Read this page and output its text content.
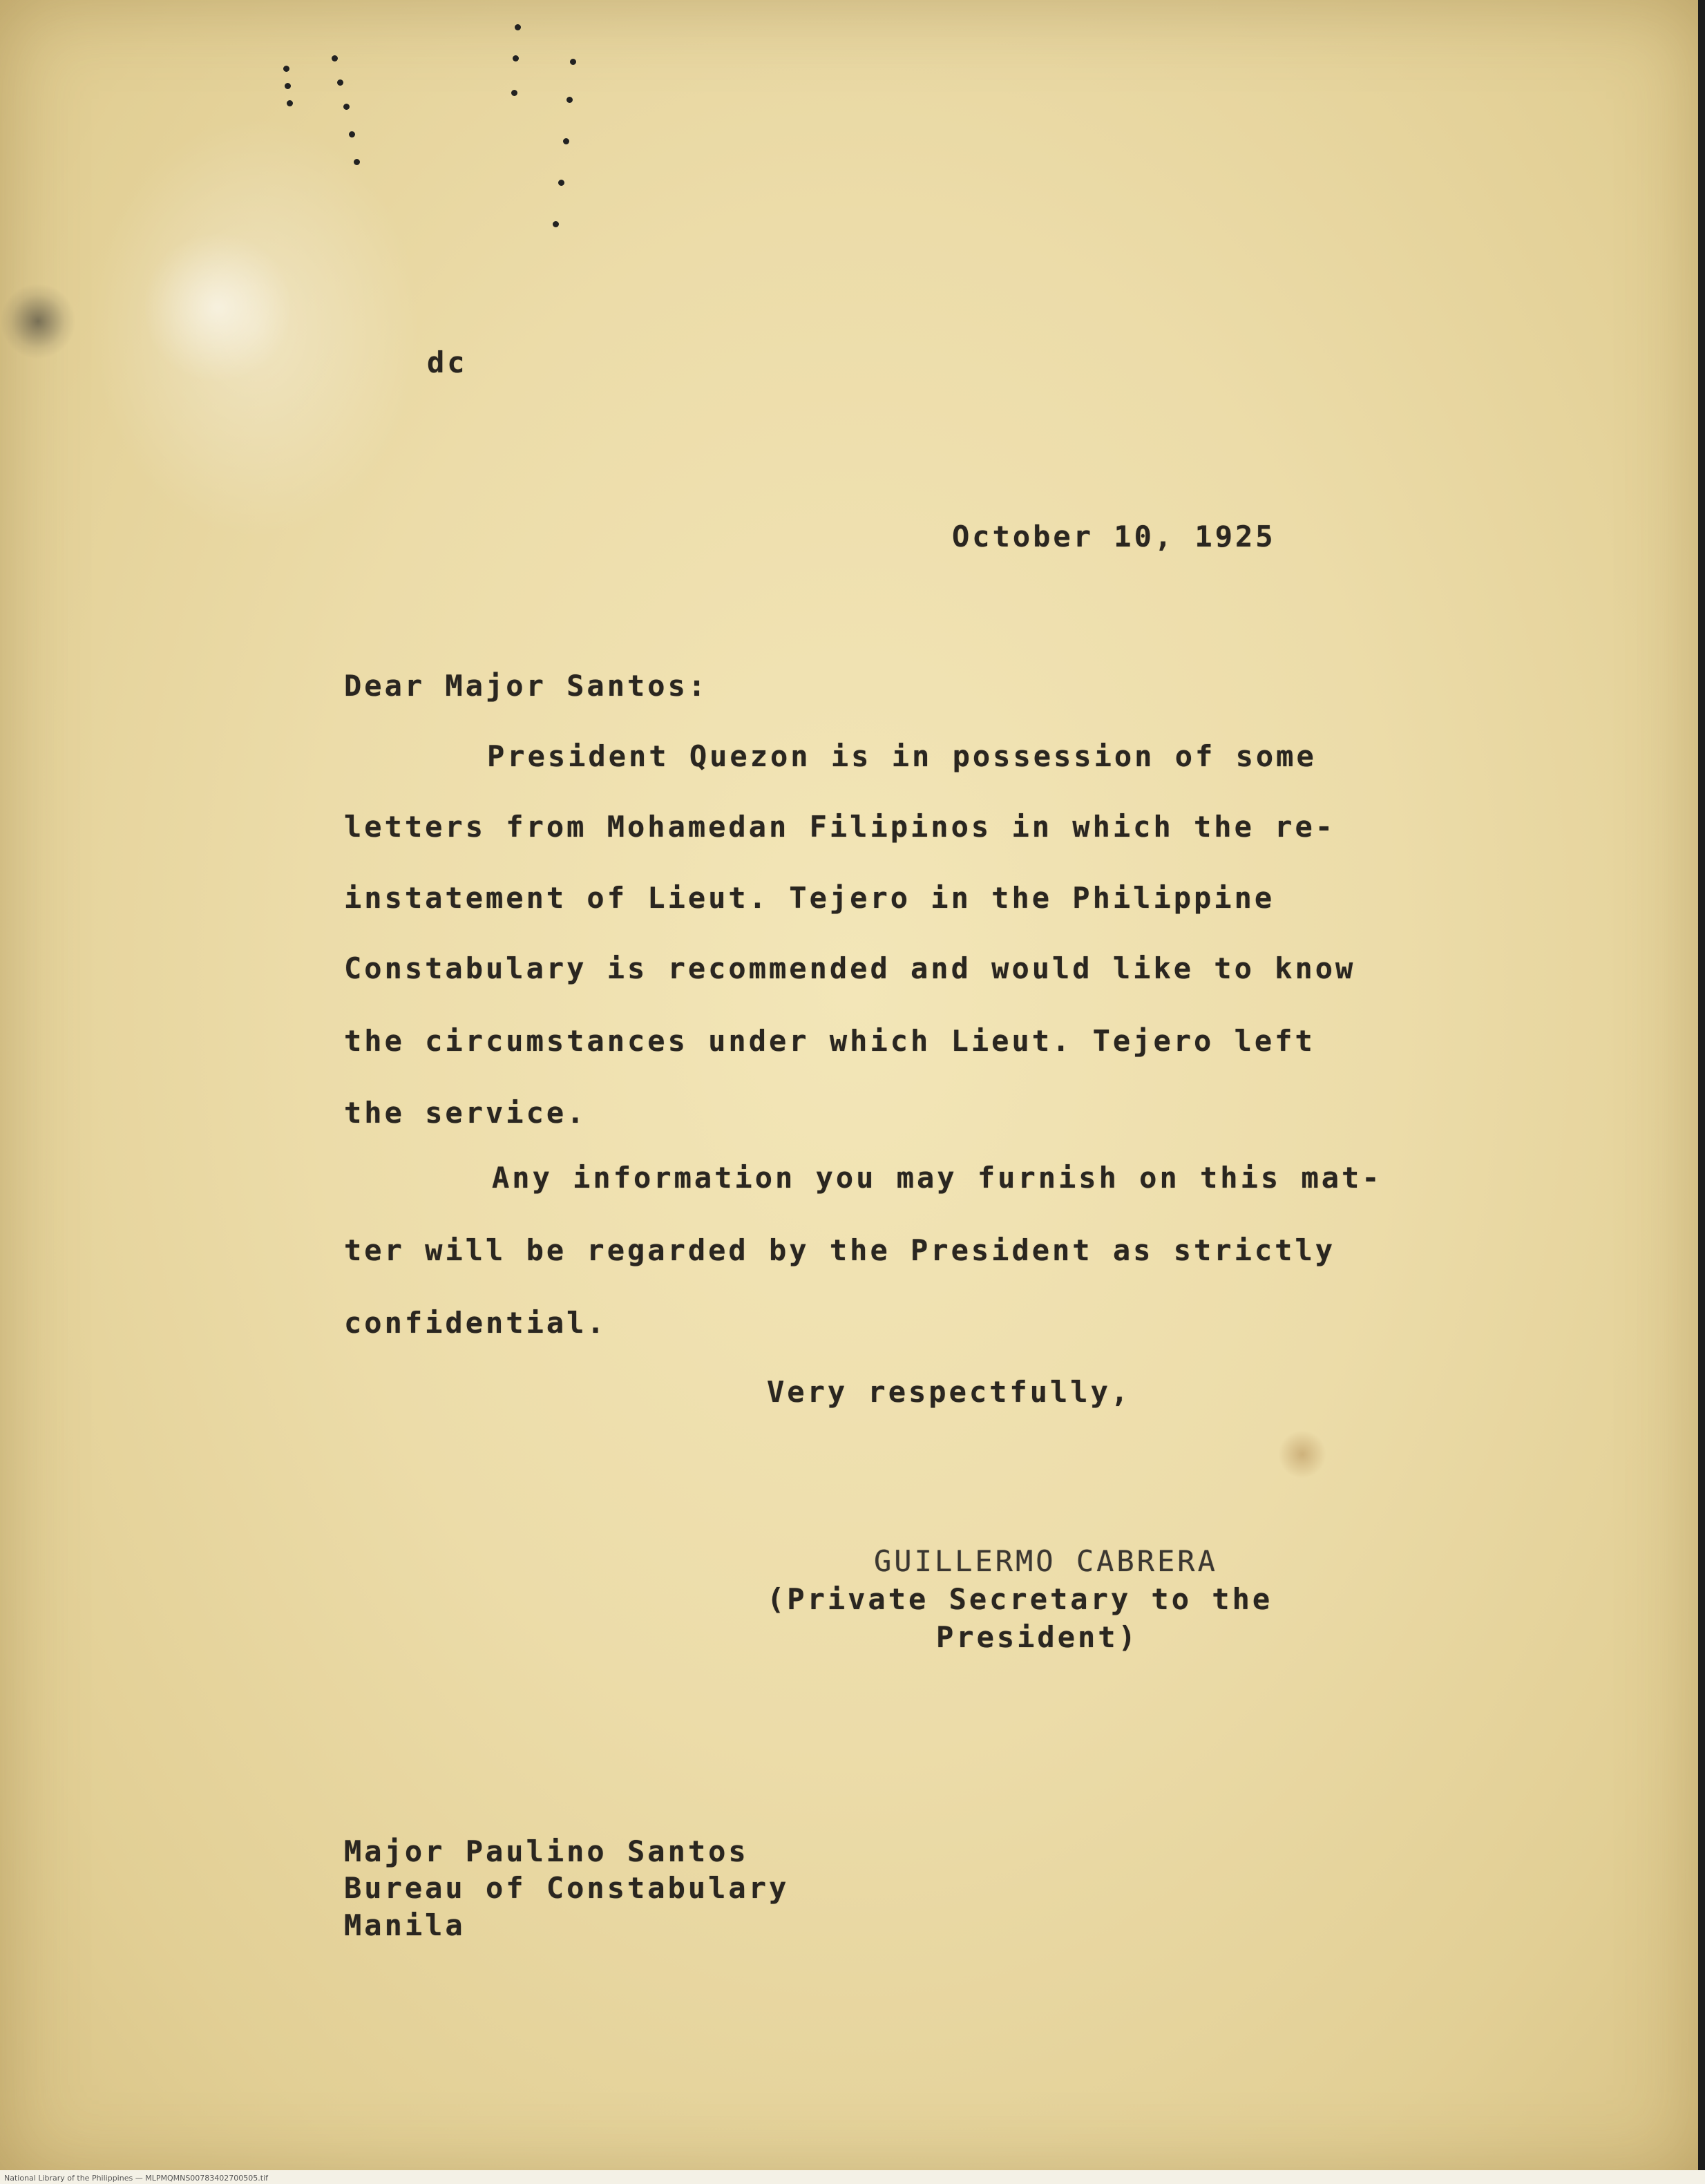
dc
October 10, 1925
Dear Major Santos:
President Quezon is in possession of some
letters from Mohamedan Filipinos in which the re-
instatement of Lieut. Tejero in the Philippine
Constabulary is recommended and would like to know
the circumstances under which Lieut. Tejero left
the service.
Any information you may furnish on this mat-
ter will be regarded by the President as strictly
confidential.
Very respectfully,
GUILLERMO CABRERA
(Private Secretary to the
President)
Major Paulino Santos
Bureau of Constabulary
Manila
National Library of the Philippines — MLPMQMNS00783402700505.tif
